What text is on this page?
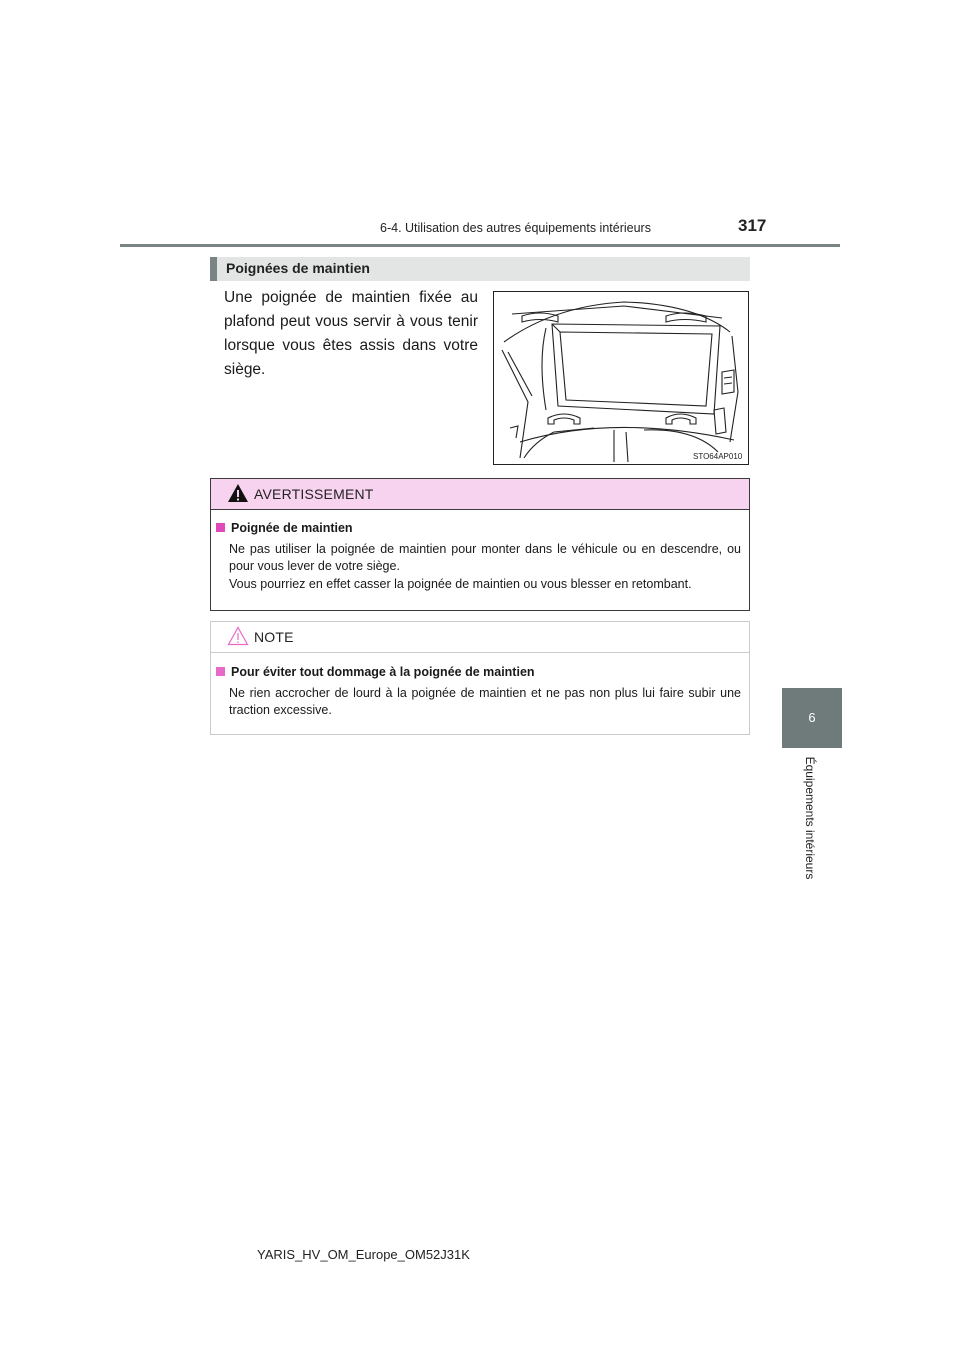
6-4. Utilisation des autres équipements intérieurs	317
6
Équipements intérieurs
Poignées de maintien
Une poignée de maintien fixée au plafond peut vous servir à vous tenir lorsque vous êtes assis dans votre siège.
STO64AP010
AVERTISSEMENT
Poignée de maintien
Ne pas utiliser la poignée de maintien pour monter dans le véhicule ou en descendre, ou pour vous lever de votre siège.
Vous pourriez en effet casser la poignée de maintien ou vous blesser en retombant.
NOTE
Pour éviter tout dommage à la poignée de maintien
Ne rien accrocher de lourd à la poignée de maintien et ne pas non plus lui faire subir une traction excessive.
YARIS_HV_OM_Europe_OM52J31K
